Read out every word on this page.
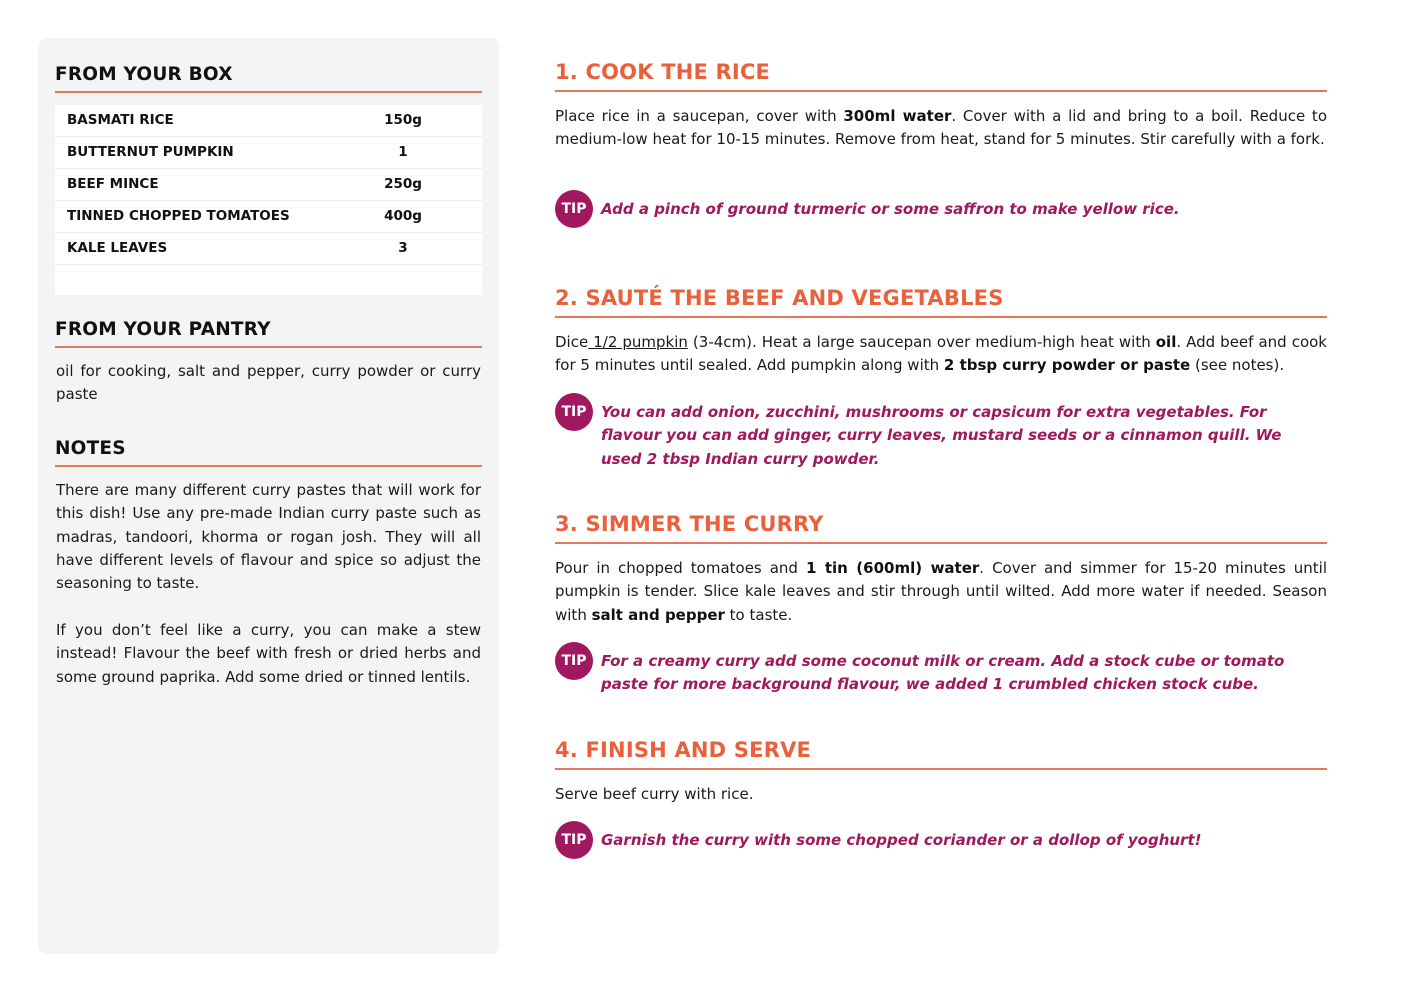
FROM YOUR BOX
BASMATI RICE	150g
BUTTERNUT PUMPKIN	1
BEEF MINCE	250g
TINNED CHOPPED TOMATOES	400g
KALE LEAVES	3
FROM YOUR PANTRY
oil for cooking, salt and pepper, curry powder or curry paste
NOTES
There are many different curry pastes that will work for this dish! Use any pre-made Indian curry paste such as madras, tandoori, khorma or rogan josh. They will all have different levels of flavour and spice so adjust the seasoning to taste.
If you don’t feel like a curry, you can make a stew instead! Flavour the beef with fresh or dried herbs and some ground paprika. Add some dried or tinned lentils.
1. COOK THE RICE
Place rice in a saucepan, cover with 300ml water. Cover with a lid and bring to a boil. Reduce to medium-low heat for 10-15 minutes. Remove from heat, stand for 5 minutes. Stir carefully with a fork.
TIP Add a pinch of ground turmeric or some saffron to make yellow rice.
2. SAUTÉ THE BEEF AND VEGETABLES
Dice 1/2 pumpkin (3-4cm). Heat a large saucepan over medium-high heat with oil. Add beef and cook for 5 minutes until sealed. Add pumpkin along with 2 tbsp curry powder or paste (see notes).
TIP You can add onion, zucchini, mushrooms or capsicum for extra vegetables. For flavour you can add ginger, curry leaves, mustard seeds or a cinnamon quill. We used 2 tbsp Indian curry powder.
3. SIMMER THE CURRY
Pour in chopped tomatoes and 1 tin (600ml) water. Cover and simmer for 15-20 minutes until pumpkin is tender. Slice kale leaves and stir through until wilted. Add more water if needed. Season with salt and pepper to taste.
TIP For a creamy curry add some coconut milk or cream. Add a stock cube or tomato paste for more background flavour, we added 1 crumbled chicken stock cube.
4. FINISH AND SERVE
Serve beef curry with rice.
TIP Garnish the curry with some chopped coriander or a dollop of yoghurt!
